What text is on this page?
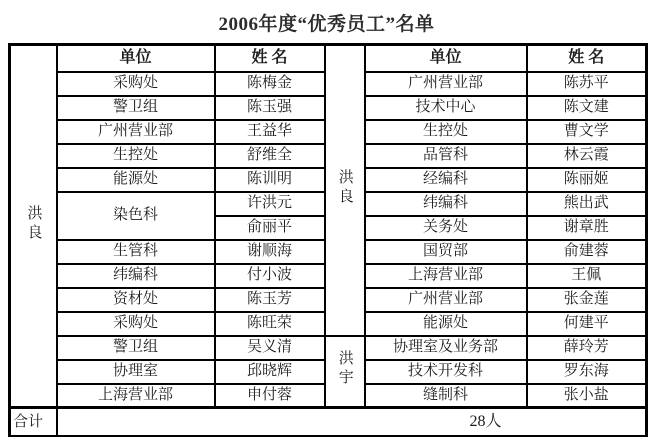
2006年度“优秀员工”名单
洪良	单位	姓 名	洪良	单位	姓 名
	采购处	陈梅金		广州营业部	陈苏平
	警卫组	陈玉强		技术中心	陈文建
	广州营业部	王益华		生控处	曹文学
	生控处	舒维全		品管科	林云霞
	能源处	陈训明		经编科	陈丽姬
	染色科	许洪元		纬编科	熊出武
		俞丽平		关务处	谢章胜
	生管科	谢顺海		国贸部	俞建蓉
	纬编科	付小波		上海营业部	王佩
	资材处	陈玉芳		广州营业部	张金莲
	采购处	陈旺荣		能源处	何建平
	警卫组	吴义清	洪宇	协理室及业务部	薛玲芳
	协理室	邱晓辉		技术开发科	罗东海
	上海营业部	申付蓉		缝制科	张小盐
合计	28人				
